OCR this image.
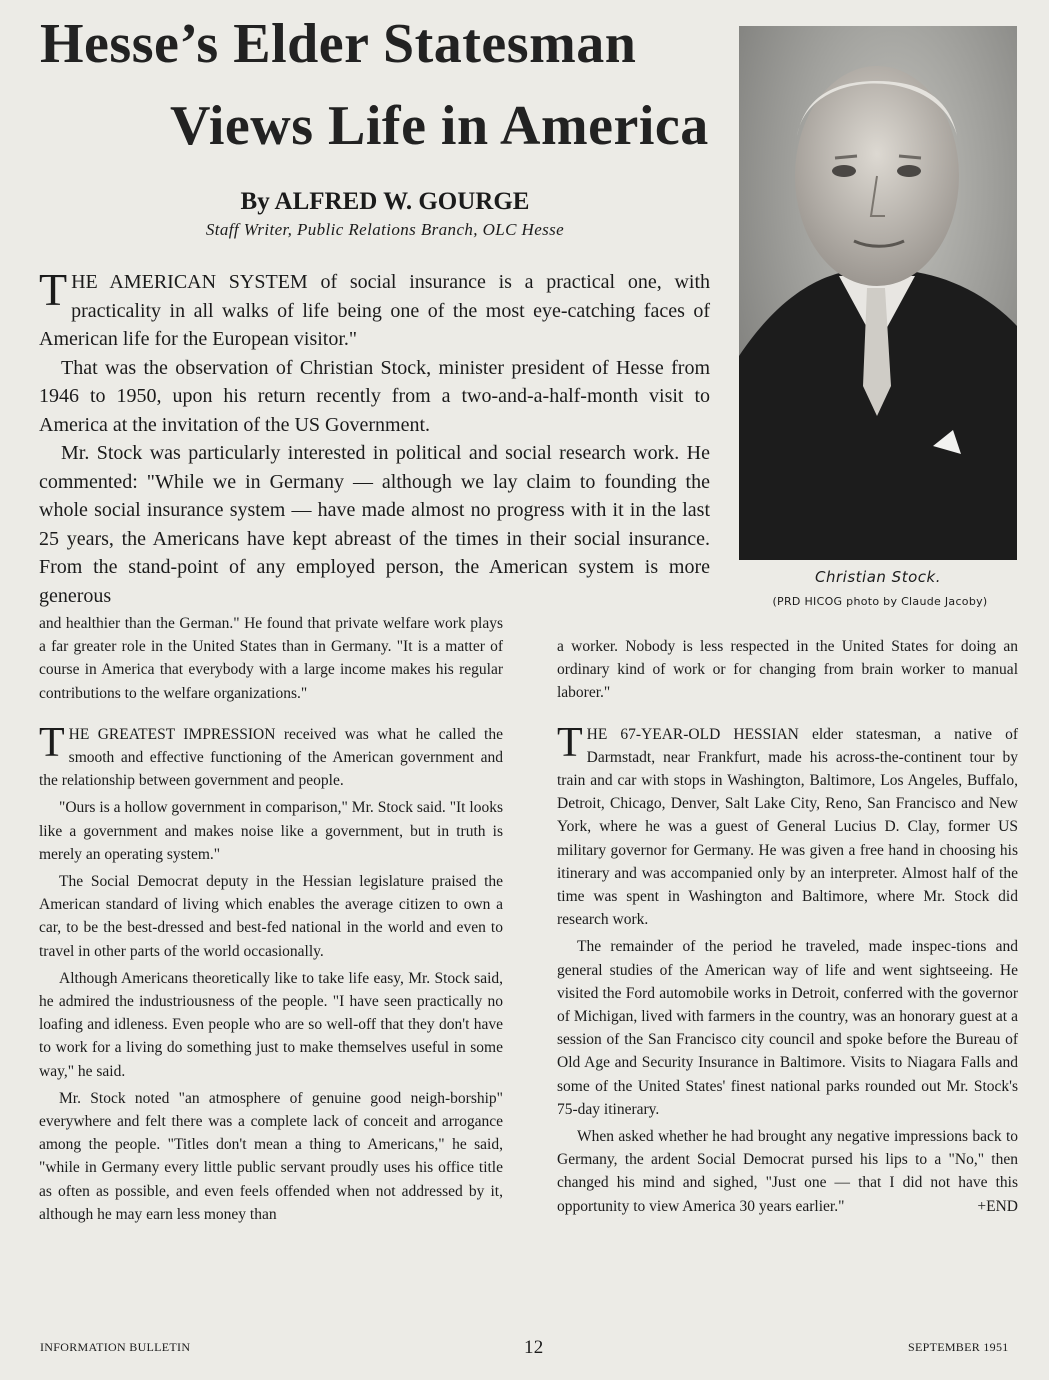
Hesse’s Elder Statesman
Views Life in America

By ALFRED W. GOURGE

Staff Writer, Public Relations Branch, OLC Hesse

THE AMERICAN SYSTEM of social insurance is a practical one, with practicality in all walks of life being one of the most eye-catching faces of American life for the European visitor."

That was the observation of Christian Stock, minister president of Hesse from 1946 to 1950, upon his return recently from a two-and-a-half-month visit to America at the invitation of the US Government.

Mr. Stock was particularly interested in political and social research work. He commented: "While we in Germany — although we lay claim to founding the whole social insurance system — have made almost no progress with it in the last 25 years, the Americans have kept abreast of the times in their social insurance. From the stand-point of any employed person, the American system is more generous

Christian Stock.

(PRD HICOG photo by Claude Jacoby)

and healthier than the German." He found that private welfare work plays a far greater role in the United States than in Germany. "It is a matter of course in America that everybody with a large income makes his regular contributions to the welfare organizations."

THE GREATEST IMPRESSION received was what he called the smooth and effective functioning of the American government and the relationship between government and people.

"Ours is a hollow government in comparison," Mr. Stock said. "It looks like a government and makes noise like a government, but in truth is merely an operating system."

The Social Democrat deputy in the Hessian legislature praised the American standard of living which enables the average citizen to own a car, to be the best-dressed and best-fed national in the world and even to travel in other parts of the world occasionally.

Although Americans theoretically like to take life easy, Mr. Stock said, he admired the industriousness of the people. "I have seen practically no loafing and idleness. Even people who are so well-off that they don't have to work for a living do something just to make themselves useful in some way," he said.

Mr. Stock noted "an atmosphere of genuine good neigh-borship" everywhere and felt there was a complete lack of conceit and arrogance among the people. "Titles don't mean a thing to Americans," he said, "while in Germany every little public servant proudly uses his office title as often as possible, and even feels offended when not addressed by it, although he may earn less money than

a worker. Nobody is less respected in the United States for doing an ordinary kind of work or for changing from brain worker to manual laborer."

THE 67-YEAR-OLD HESSIAN elder statesman, a native of Darmstadt, near Frankfurt, made his across-the-continent tour by train and car with stops in Washington, Baltimore, Los Angeles, Buffalo, Detroit, Chicago, Denver, Salt Lake City, Reno, San Francisco and New York, where he was a guest of General Lucius D. Clay, former US military governor for Germany. He was given a free hand in choosing his itinerary and was accompanied only by an interpreter. Almost half of the time was spent in Washington and Baltimore, where Mr. Stock did research work.

The remainder of the period he traveled, made inspec-tions and general studies of the American way of life and went sightseeing. He visited the Ford automobile works in Detroit, conferred with the governor of Michigan, lived with farmers in the country, was an honorary guest at a session of the San Francisco city council and spoke before the Bureau of Old Age and Security Insurance in Baltimore. Visits to Niagara Falls and some of the United States' finest national parks rounded out Mr. Stock's 75-day itinerary.

When asked whether he had brought any negative impressions back to Germany, the ardent Social Democrat pursed his lips to a "No," then changed his mind and sighed, "Just one — that I did not have this opportunity to view America 30 years earlier."	+END

INFORMATION BULLETIN	12	SEPTEMBER 1951
